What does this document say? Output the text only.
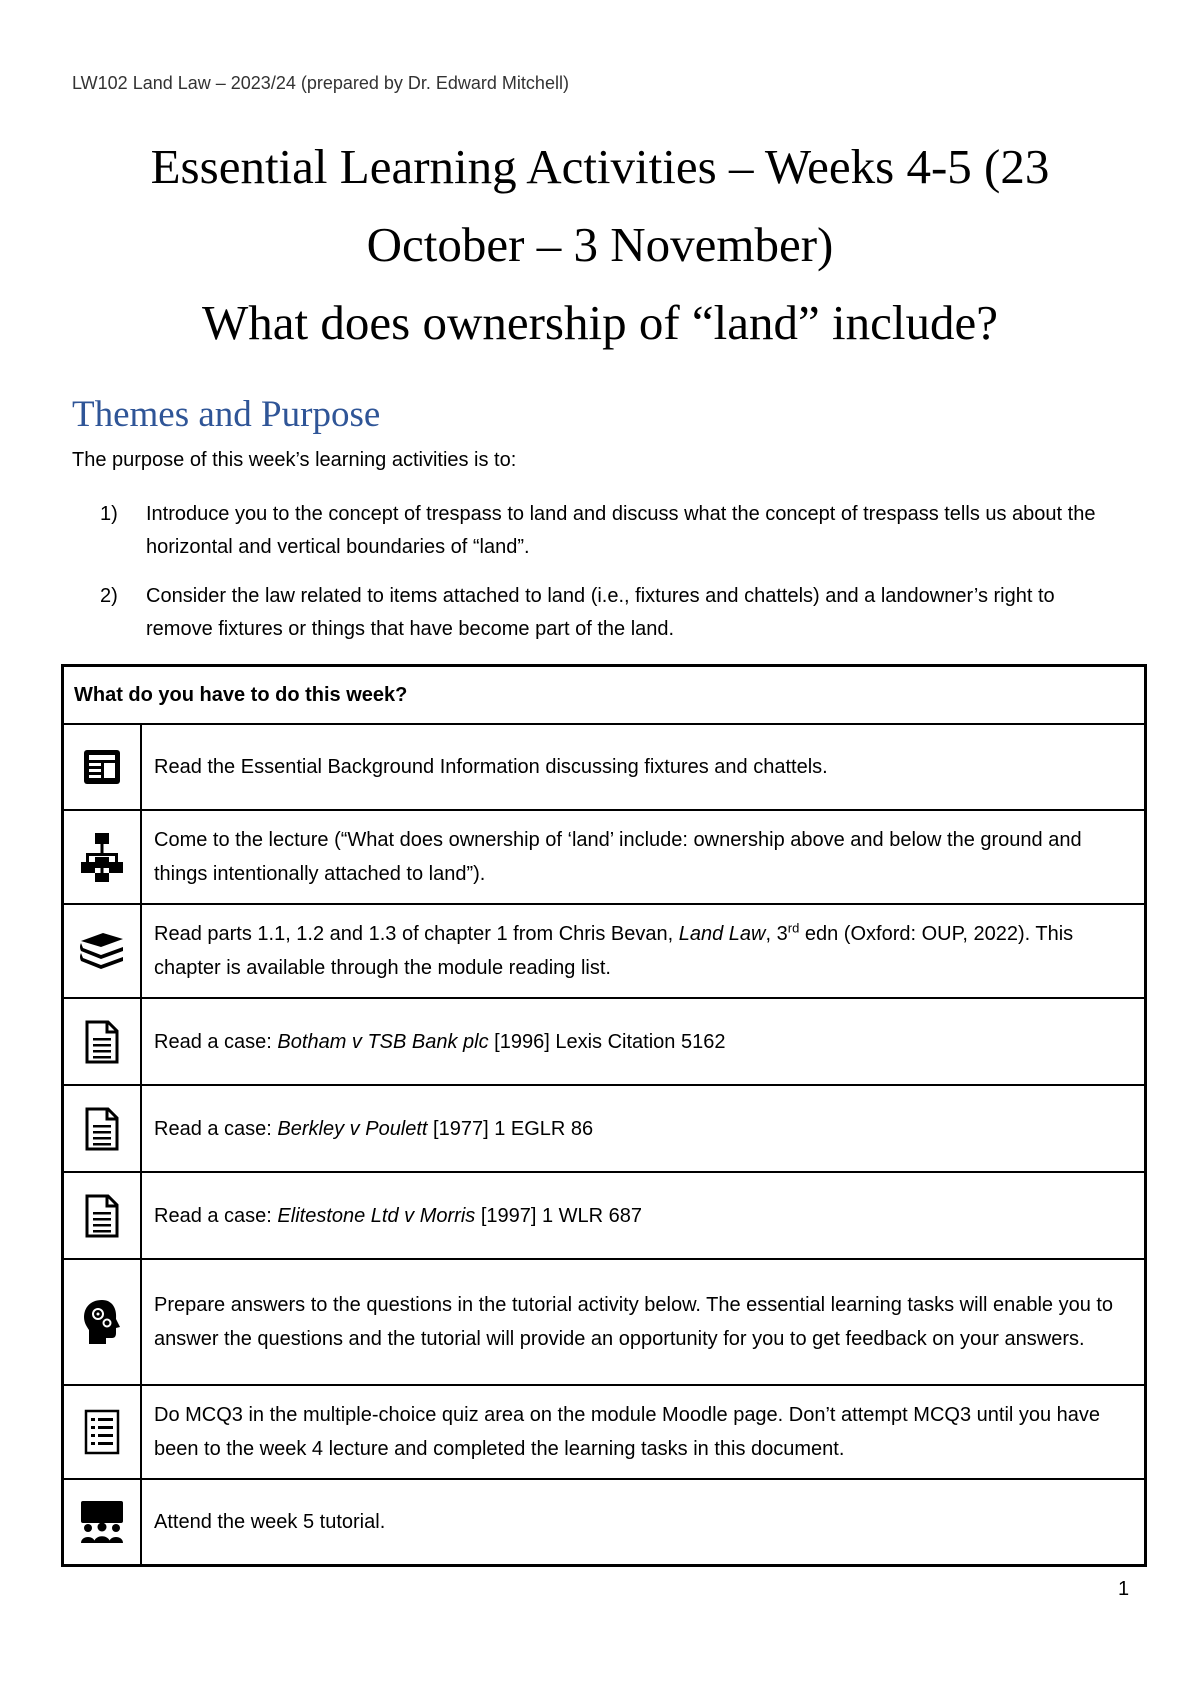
LW102 Land Law – 2023/24 (prepared by Dr. Edward Mitchell)
Essential Learning Activities – Weeks 4-5 (23
October – 3 November)
What does ownership of “land” include?
Themes and Purpose
The purpose of this week’s learning activities is to:
1) Introduce you to the concept of trespass to land and discuss what the concept of trespass tells us about the horizontal and vertical boundaries of “land”.
2) Consider the law related to items attached to land (i.e., fixtures and chattels) and a landowner’s right to remove fixtures or things that have become part of the land.
What do you have to do this week?	

	Read the Essential Background Information discussing fixtures and chattels.

	Come to the lecture (“What does ownership of ‘land’ include: ownership above and below the ground and things intentionally attached to land”).

	Read parts 1.1, 1.2 and 1.3 of chapter 1 from Chris Bevan, Land Law, 3rd edn (Oxford: OUP, 2022). This chapter is available through the module reading list.

	Read a case: Botham v TSB Bank plc [1996] Lexis Citation 5162

	Read a case: Berkley v Poulett [1977] 1 EGLR 86

	Read a case: Elitestone Ltd v Morris [1997] 1 WLR 687

	Prepare answers to the questions in the tutorial activity below. The essential learning tasks will enable you to answer the questions and the tutorial will provide an opportunity for you to get feedback on your answers.

	Do MCQ3 in the multiple-choice quiz area on the module Moodle page. Don’t attempt MCQ3 until you have been to the week 4 lecture and completed the learning tasks in this document.

	Attend the week 5 tutorial.
1
